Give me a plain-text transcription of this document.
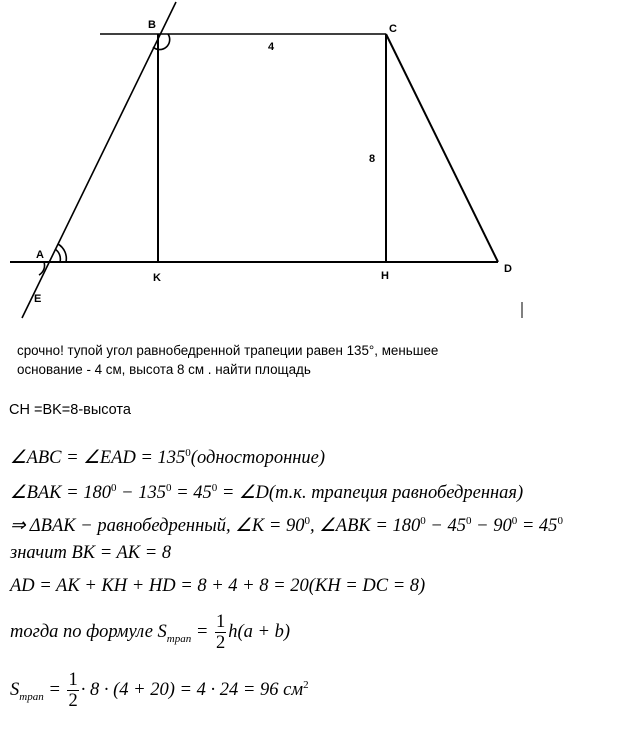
B	C
A
E
K	H
D
4
8

срочно! тупой угол равнобедренной трапеции равен 135°, меньшее
основание - 4 см, высота 8 см . найти площадь

CH =BK=8-высота
∠ABC = ∠EAD = $135^0(односторонние)$
∠BAK = $180^0 - 135^0 = 45^0$ = ∠D(т.к. трапеция равнобедренная)
⇒ ΔBAK − равнобедренный, ∠K = $90^0$, ∠ABK = $180^0 - 45^0 - 90^0 = 45^0$
значит BK = AK = 8
AD = AK + KH + HD = 8 + 4 + 8 = 20(KH = DC = 8)
тогда по формуле $S_{трап} = \frac{1}{2} h(a + b)$
$S_{трап} = \frac{1}{2} \cdot 8 \cdot (4 + 20) = 4 \cdot 24 = 96$ $см^2$
